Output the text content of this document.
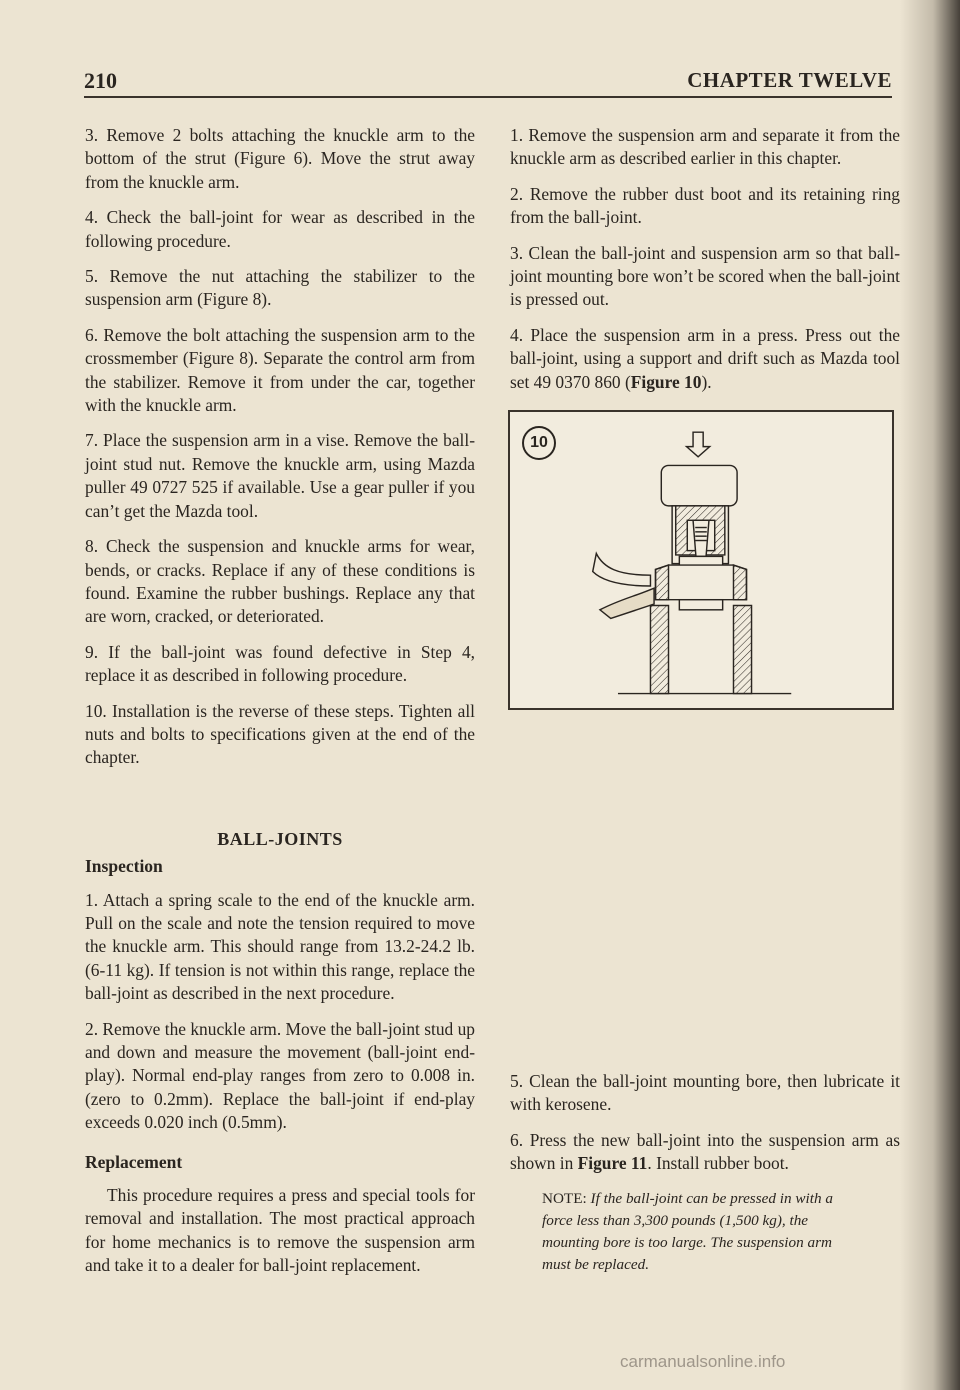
210	CHAPTER TWELVE

3. Remove 2 bolts attaching the knuckle arm to the bottom of the strut (Figure 6). Move the strut away from the knuckle arm.

4. Check the ball-joint for wear as described in the following procedure.

5. Remove the nut attaching the stabilizer to the suspension arm (Figure 8).

6. Remove the bolt attaching the suspension arm to the crossmember (Figure 8). Separate the control arm from the stabilizer. Remove it from under the car, together with the knuckle arm.

7. Place the suspension arm in a vise. Remove the ball-joint stud nut. Remove the knuckle arm, using Mazda puller 49 0727 525 if available. Use a gear puller if you can’t get the Mazda tool.

8. Check the suspension and knuckle arms for wear, bends, or cracks. Replace if any of these conditions is found. Examine the rubber bushings. Replace any that are worn, cracked, or deteriorated.

9. If the ball-joint was found defective in Step 4, replace it as described in following procedure.

10. Installation is the reverse of these steps. Tighten all nuts and bolts to specifications given at the end of the chapter.

BALL-JOINTS
Inspection

1. Attach a spring scale to the end of the knuckle arm. Pull on the scale and note the tension required to move the knuckle arm. This should range from 13.2-24.2 lb. (6-11 kg). If tension is not within this range, replace the ball-joint as described in the next procedure.

2. Remove the knuckle arm. Move the ball-joint stud up and down and measure the movement (ball-joint end-play). Normal end-play ranges from zero to 0.008 in. (zero to 0.2mm). Replace the ball-joint if end-play exceeds 0.020 inch (0.5mm).

Replacement

This procedure requires a press and special tools for removal and installation. The most practical approach for home mechanics is to remove the suspension arm and take it to a dealer for ball-joint replacement.

1. Remove the suspension arm and separate it from the knuckle arm as described earlier in this chapter.

2. Remove the rubber dust boot and its retaining ring from the ball-joint.

3. Clean the ball-joint and suspension arm so that ball-joint mounting bore won’t be scored when the ball-joint is pressed out.

4. Place the suspension arm in a press. Press out the ball-joint, using a support and drift such as Mazda tool set 49 0370 860 (Figure 10).

10

5. Clean the ball-joint mounting bore, then lubricate it with kerosene.

6. Press the new ball-joint into the suspension arm as shown in Figure 11. Install rubber boot.

NOTE: If the ball-joint can be pressed in with a force less than 3,300 pounds (1,500 kg), the mounting bore is too large. The suspension arm must be replaced.
carmanualsonline.info
